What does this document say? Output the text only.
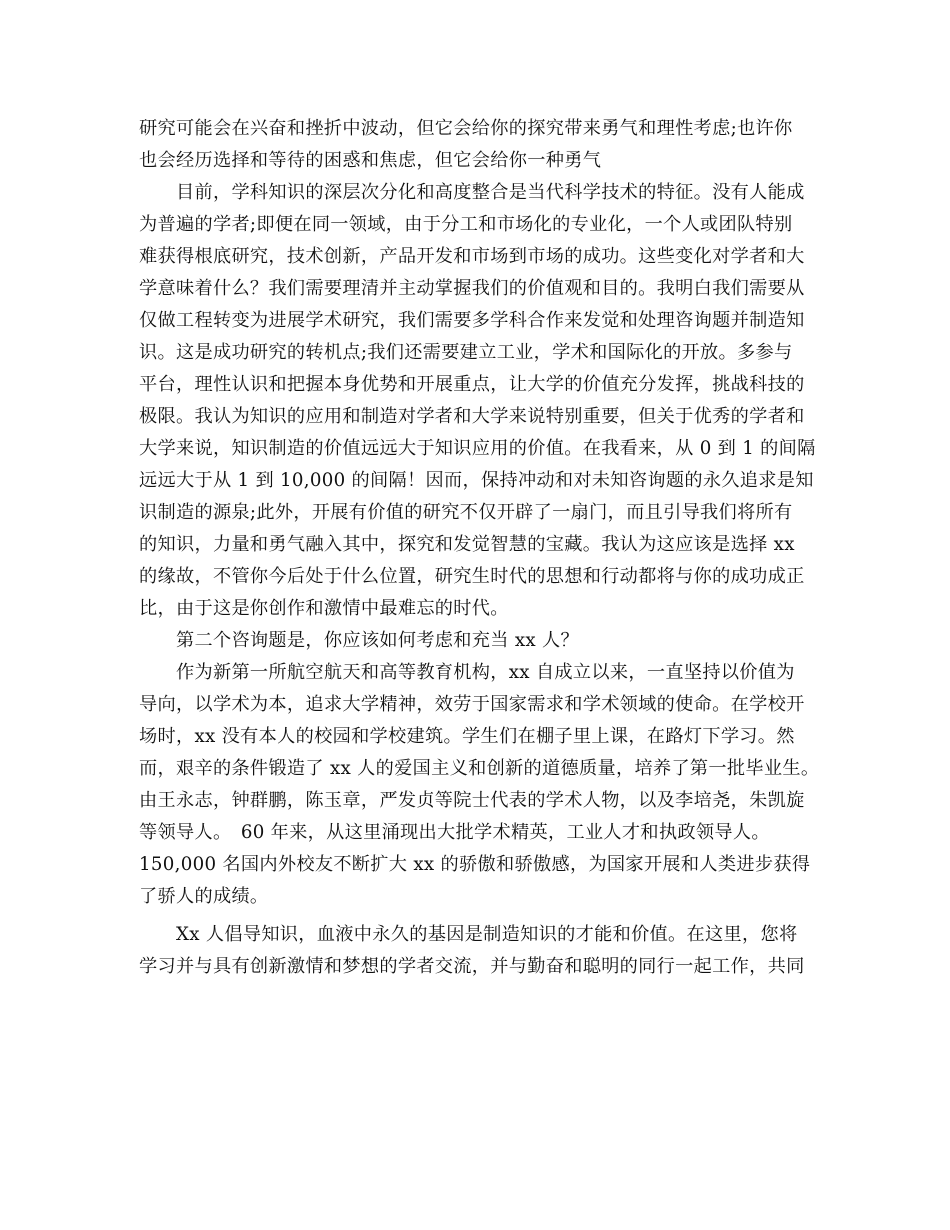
研究可能会在兴奋和挫折中波动，但它会给你的探究带来勇气和理性考虑;也许你
也会经历选择和等待的困惑和焦虑，但它会给你一种勇气
　　目前，学科知识的深层次分化和高度整合是当代科学技术的特征。没有人能成
为普遍的学者;即便在同一领域，由于分工和市场化的专业化，一个人或团队特别
难获得根底研究，技术创新，产品开发和市场到市场的成功。这些变化对学者和大
学意味着什么？我们需要理清并主动掌握我们的价值观和目的。我明白我们需要从
仅做工程转变为进展学术研究，我们需要多学科合作来发觉和处理咨询题并制造知
识。这是成功研究的转机点;我们还需要建立工业，学术和国际化的开放。多参与
平台，理性认识和把握本身优势和开展重点，让大学的价值充分发挥，挑战科技的
极限。我认为知识的应用和制造对学者和大学来说特别重要，但关于优秀的学者和
大学来说，知识制造的价值远远大于知识应用的价值。在我看来，从 0 到 1 的间隔
远远大于从 1 到 10,000 的间隔！因而，保持冲动和对未知咨询题的永久追求是知
识制造的源泉;此外，开展有价值的研究不仅开辟了一扇门，而且引导我们将所有
的知识，力量和勇气融入其中，探究和发觉智慧的宝藏。我认为这应该是选择 xx
的缘故，不管你今后处于什么位置，研究生时代的思想和行动都将与你的成功成正
比，由于这是你创作和激情中最难忘的时代。
　　第二个咨询题是，你应该如何考虑和充当 xx 人？
　　作为新第一所航空航天和高等教育机构，xx 自成立以来，一直坚持以价值为
导向，以学术为本，追求大学精神，效劳于国家需求和学术领域的使命。在学校开
场时，xx 没有本人的校园和学校建筑。学生们在棚子里上课，在路灯下学习。然
而，艰辛的条件锻造了 xx 人的爱国主义和创新的道德质量，培养了第一批毕业生。
由王永志，钟群鹏，陈玉章，严发贞等院士代表的学术人物，以及李培尧，朱凯旋
等领导人。　60 年来，从这里涌现出大批学术精英，工业人才和执政领导人。
150,000 名国内外校友不断扩大 xx 的骄傲和骄傲感，为国家开展和人类进步获得
了骄人的成绩。
　　Xx 人倡导知识，血液中永久的基因是制造知识的才能和价值。在这里，您将
学习并与具有创新激情和梦想的学者交流，并与勤奋和聪明的同行一起工作，共同
